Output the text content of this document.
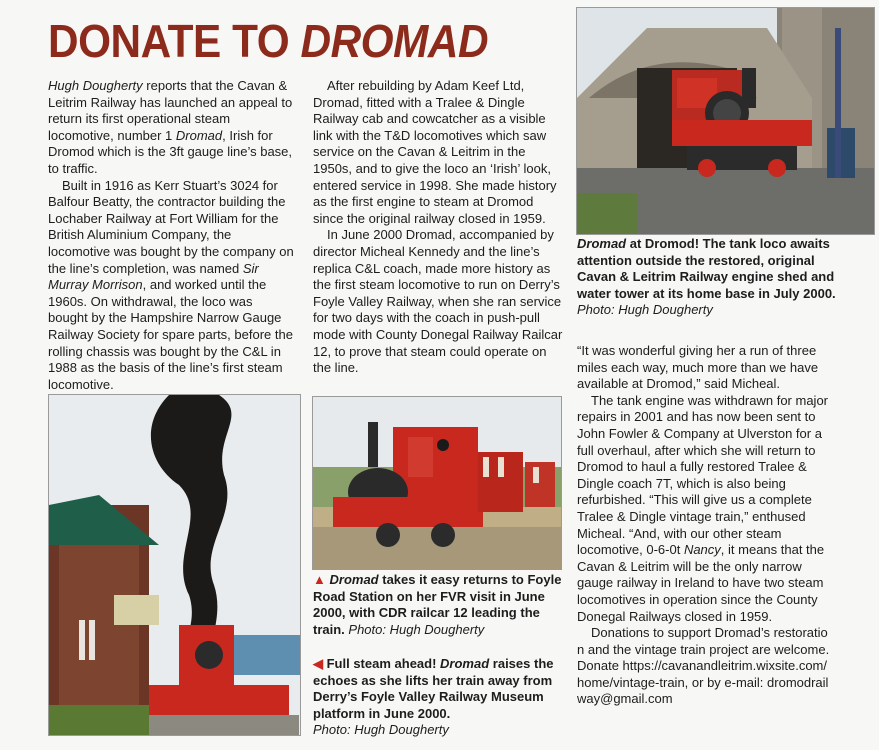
DONATE TO DROMAD

Hugh Dougherty reports that the Cavan & Leitrim Railway has launched an appeal to return its first operational steam locomotive, number 1 Dromad, Irish for Dromod which is the 3ft gauge line’s base, to traffic.

Built in 1916 as Kerr Stuart’s 3024 for Balfour Beatty, the contractor building the Lochaber Railway at Fort William for the British Aluminium Company, the locomotive was bought by the company on the line’s completion, was named Sir Murray Morrison, and worked until the 1960s. On withdrawal, the loco was bought by the Hampshire Narrow Gauge Railway Society for spare parts, before the rolling chassis was bought by the C&L in 1988 as the basis of the line’s first steam locomotive.

After rebuilding by Adam Keef Ltd, Dromad, fitted with a Tralee & Dingle Railway cab and cowcatcher as a visible link with the T&D locomotives which saw service on the Cavan & Leitrim in the 1950s, and to give the loco an ‘Irish’ look, entered service in 1998. She made history as the first engine to steam at Dromod since the original railway closed in 1959.

In June 2000 Dromad, accompanied by director Micheal Kennedy and the line’s replica C&L coach, made more history as the first steam locomotive to run on Derry’s Foyle Valley Railway, when she ran service for two days with the coach in push-pull mode with County Donegal Railway Railcar 12, to prove that steam could operate on the line.

“It was wonderful giving her a run of three miles each way, much more than we have available at Dromod,” said Micheal.

The tank engine was withdrawn for major repairs in 2001 and has now been sent to John Fowler & Company at Ulverston for a full overhaul, after which she will return to Dromod to haul a fully restored Tralee & Dingle coach 7T, which is also being refurbished. “This will give us a complete Tralee & Dingle vintage train,” enthused Micheal. “And, with our other steam locomotive, 0-6-0t Nancy, it means that the Cavan & Leitrim will be the only narrow gauge railway in Ireland to have two steam locomotives in operation since the County Donegal Railways closed in 1959.

Donations to support Dromad’s restoration and the vintage train project are welcome. Donate https://cavanandleitrim.wixsite.com/home/vintage-train, or by e-mail: dromodrailway@gmail.com

Dromad at Dromod! The tank loco awaits attention outside the restored, original Cavan & Leitrim Railway engine shed and water tower at its home base in July 2000. Photo: Hugh Dougherty
▲ Dromad takes it easy returns to Foyle Road Station on her FVR visit in June 2000, with CDR railcar 12 leading the train. Photo: Hugh Dougherty
◀ Full steam ahead! Dromad raises the echoes as she lifts her train away from Derry’s Foyle Valley Railway Museum platform in June 2000.
Photo: Hugh Dougherty
